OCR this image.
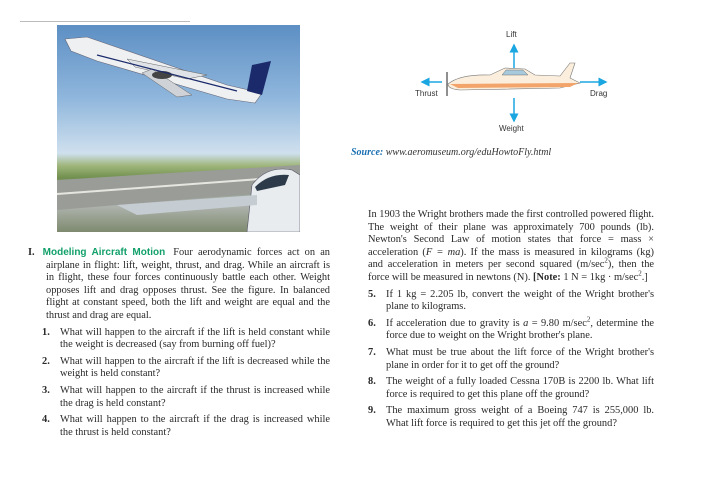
Lift
Thrust	Drag
Weight
Source: www.aeromuseum.org/eduHowtoFly.html

I. Modeling Aircraft Motion Four aerodynamic forces act on an airplane in flight: lift, weight, thrust, and drag. While an aircraft is in flight, these four forces continuously battle each other. Weight opposes lift and drag opposes thrust. See the figure. In balanced flight at constant speed, both the lift and weight are equal and the thrust and drag are equal.

1. What will happen to the aircraft if the lift is held constant while the weight is decreased (say from burning off fuel)?
2. What will happen to the aircraft if the lift is decreased while the weight is held constant?
3. What will happen to the aircraft if the thrust is increased while the drag is held constant?
4. What will happen to the aircraft if the drag is increased while the thrust is held constant?

In 1903 the Wright brothers made the first controlled powered flight. The weight of their plane was approximately 700 pounds (lb). Newton's Second Law of motion states that force = mass × acceleration (F = ma). If the mass is measured in kilograms (kg) and acceleration in meters per second squared $(m/\sec^2)$, then the force will be measured in newtons (N). [Note: 1 $N = 1kg \cdot m/\sec^2$.]

5. If 1 kg = 2.205 lb, convert the weight of the Wright brother's plane to kilograms.
6. If acceleration due to gravity is a = 9.80 $m/\sec^2$, determine the force due to weight on the Wright brother's plane.
7. What must be true about the lift force of the Wright brother's plane in order for it to get off the ground?
8. The weight of a fully loaded Cessna 170B is 2200 lb. What lift force is required to get this plane off the ground?
9. The maximum gross weight of a Boeing 747 is 255,000 lb. What lift force is required to get this jet off the ground?
